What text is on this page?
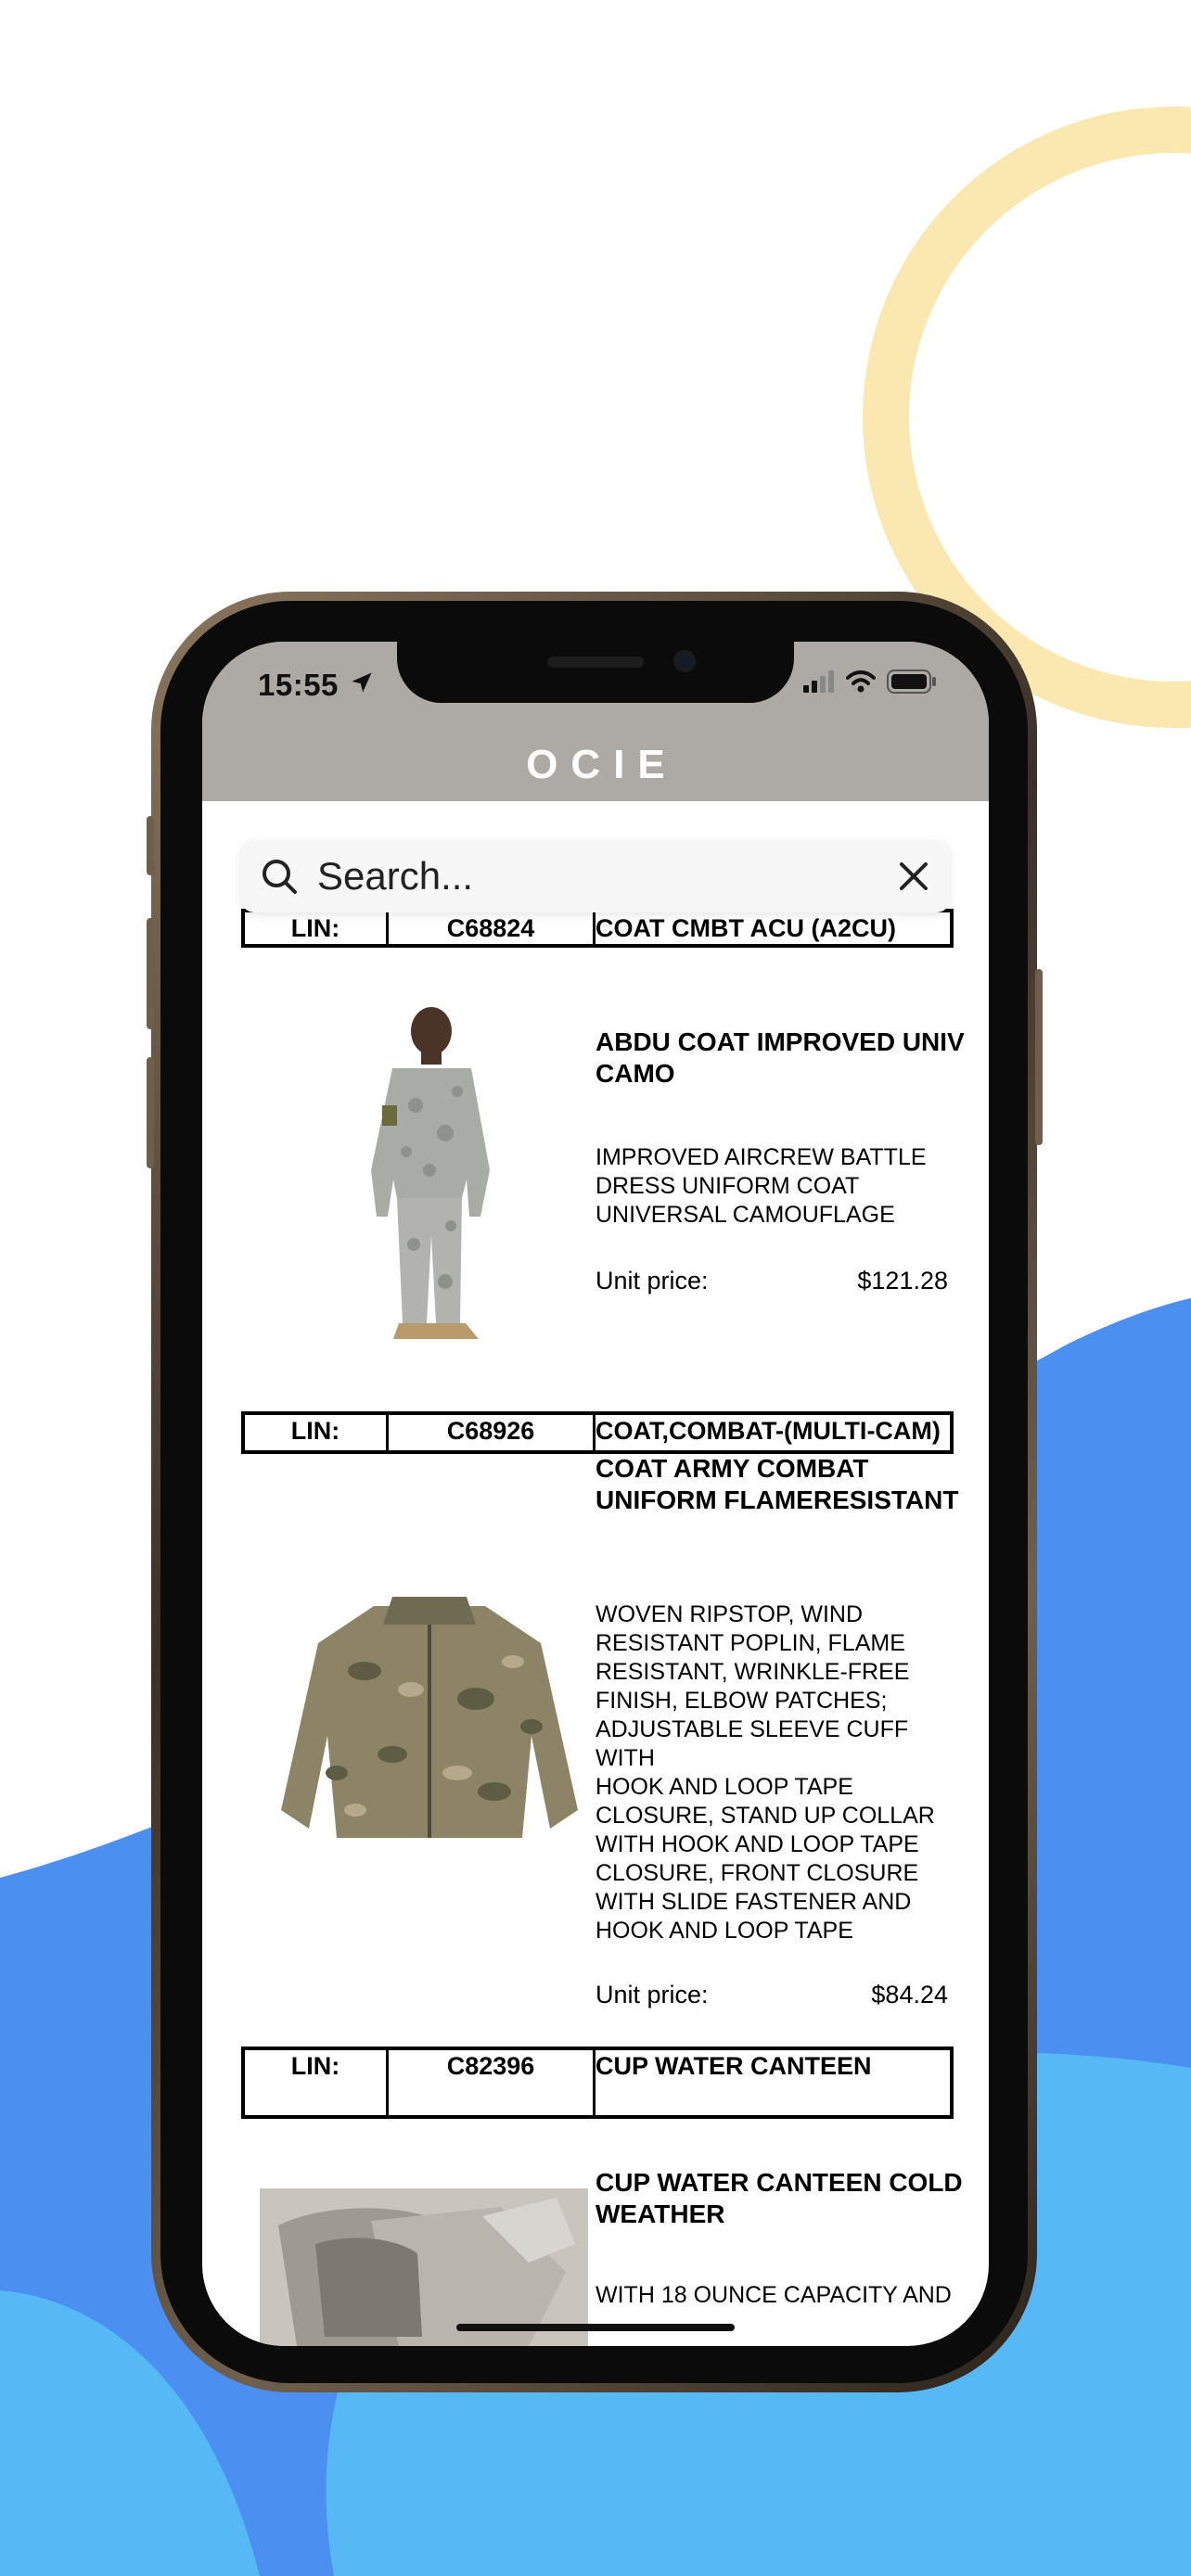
LIN:	C68824	COAT CMBT ACU (A2CU)
ABDU COAT IMPROVED UNIV CAMO
IMPROVED AIRCREW BATTLE DRESS UNIFORM COAT UNIVERSAL CAMOUFLAGE
Unit price:	$121.28
LIN:	C68926	COAT,COMBAT-(MULTI-CAM)
COAT ARMY COMBAT UNIFORM FLAMERESISTANT
WOVEN RIPSTOP, WIND RESISTANT POPLIN, FLAME RESISTANT, WRINKLE-FREE FINISH, ELBOW PATCHES; ADJUSTABLE SLEEVE CUFF WITH
HOOK AND LOOP TAPE CLOSURE, STAND UP COLLAR WITH HOOK AND LOOP TAPE CLOSURE, FRONT CLOSURE WITH SLIDE FASTENER AND HOOK AND LOOP TAPE
Unit price:	$84.24
LIN:	C82396	CUP WATER CANTEEN
CUP WATER CANTEEN COLD WEATHER
WITH 18 OUNCE CAPACITY AND
15:55
OCIE
Search...
